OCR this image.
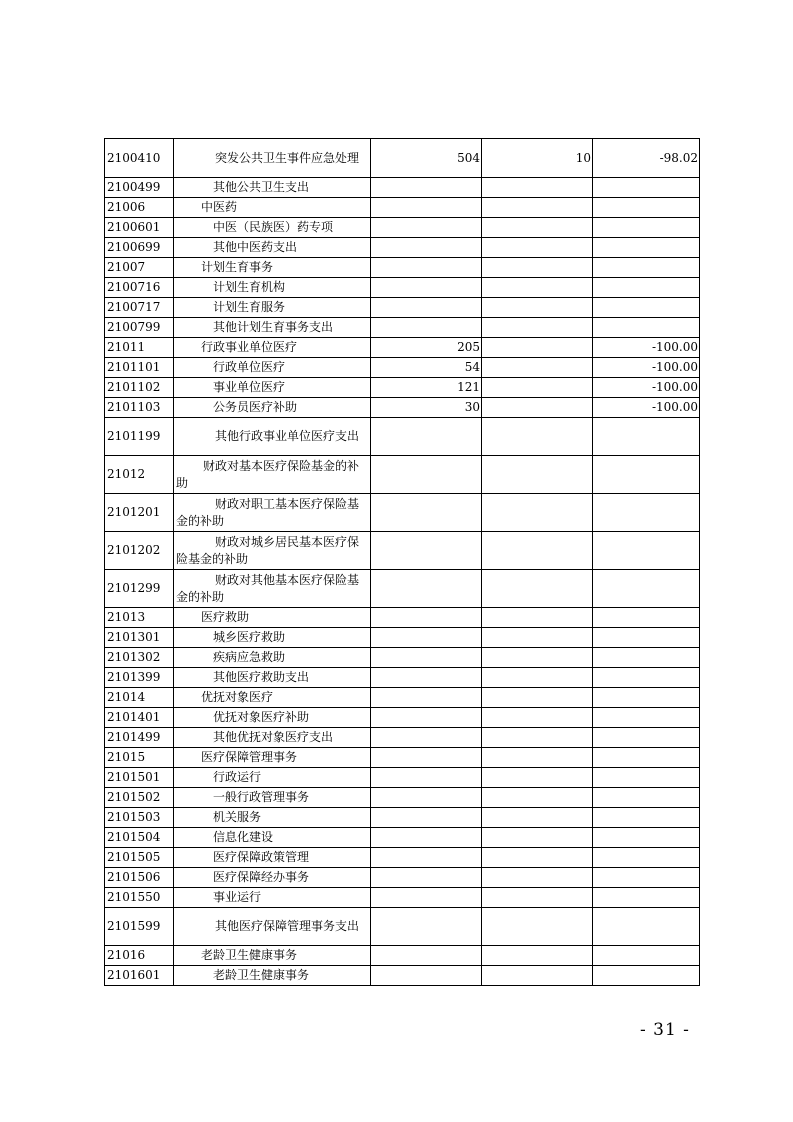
2100410	突发公共卫生事件应急处理	504	10	-98.02
2100499	其他公共卫生支出			
21006	中医药			
2100601	中医（民族医）药专项			
2100699	其他中医药支出			
21007	计划生育事务			
2100716	计划生育机构			
2100717	计划生育服务			
2100799	其他计划生育事务支出			
21011	行政事业单位医疗	205		-100.00
2101101	行政单位医疗	54		-100.00
2101102	事业单位医疗	121		-100.00
2101103	公务员医疗补助	30		-100.00
2101199	其他行政事业单位医疗支出			
21012	财政对基本医疗保险基金的补助			
2101201	财政对职工基本医疗保险基金的补助			
2101202	财政对城乡居民基本医疗保险基金的补助			
2101299	财政对其他基本医疗保险基金的补助			
21013	医疗救助			
2101301	城乡医疗救助			
2101302	疾病应急救助			
2101399	其他医疗救助支出			
21014	优抚对象医疗			
2101401	优抚对象医疗补助			
2101499	其他优抚对象医疗支出			
21015	医疗保障管理事务			
2101501	行政运行			
2101502	一般行政管理事务			
2101503	机关服务			
2101504	信息化建设			
2101505	医疗保障政策管理			
2101506	医疗保障经办事务			
2101550	事业运行			
2101599	其他医疗保障管理事务支出			
21016	老龄卫生健康事务			
2101601	老龄卫生健康事务			
- 31 -
